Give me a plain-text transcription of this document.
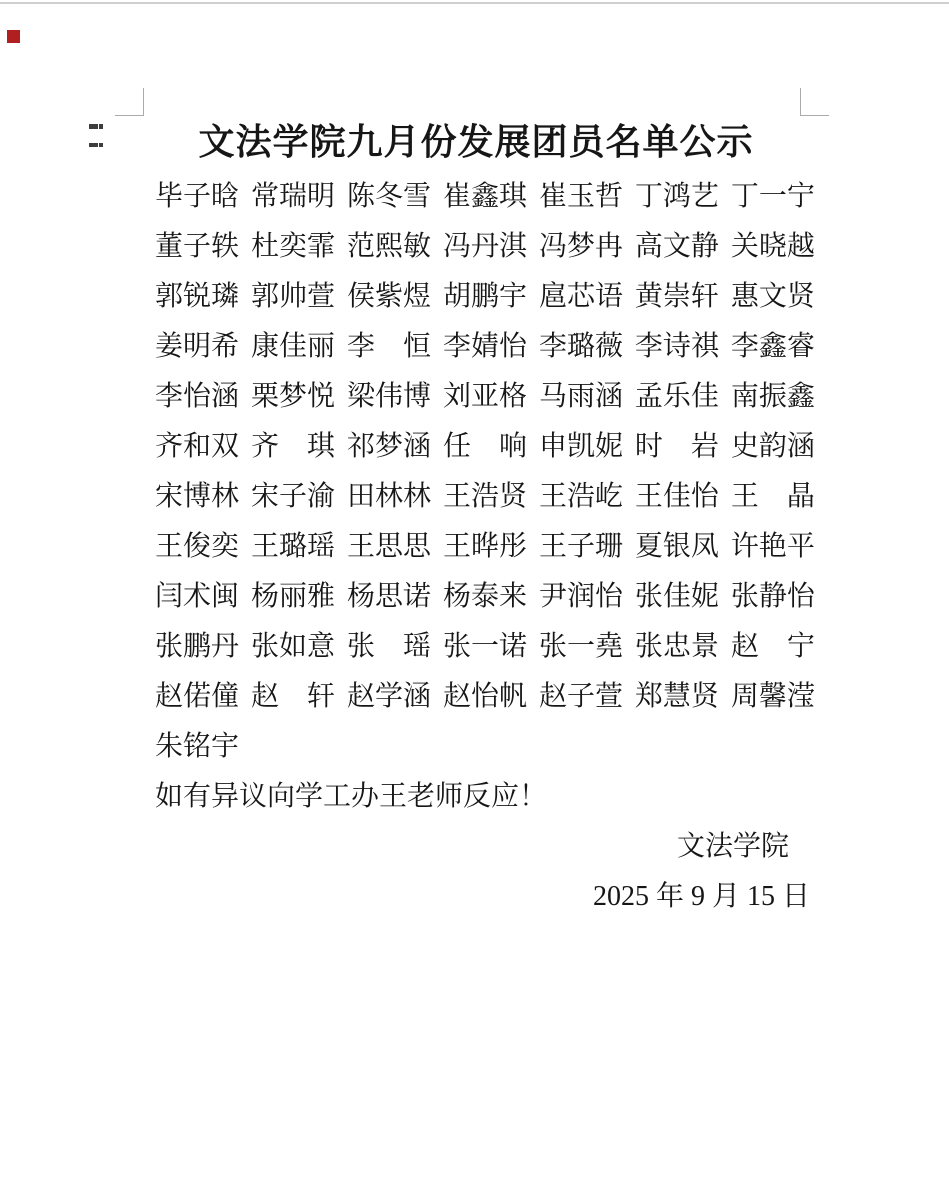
文法学院九月份发展团员名单公示
毕子晗 常瑞明 陈冬雪 崔鑫琪 崔玉哲 丁鸿艺 丁一宁
董子轶 杜奕霏 范熙敏 冯丹淇 冯梦冉 高文静 关晓越
郭锐璘 郭帅萱 侯紫煜 胡鹏宇 扈芯语 黄崇轩 惠文贤
姜明希 康佳丽 李　恒 李婧怡 李璐薇 李诗祺 李鑫睿
李怡涵 栗梦悦 梁伟博 刘亚格 马雨涵 孟乐佳 南振鑫
齐和双 齐　琪 祁梦涵 任　响 申凯妮 时　岩 史韵涵
宋博林 宋子渝 田林林 王浩贤 王浩屹 王佳怡 王　晶
王俊奕 王璐瑶 王思思 王晔彤 王子珊 夏银凤 许艳平
闫术闽 杨丽雅 杨思诺 杨泰来 尹润怡 张佳妮 张静怡
张鹏丹 张如意 张　瑶 张一诺 张一堯 张忠景 赵　宁
赵偌僮 赵　轩 赵学涵 赵怡帆 赵子萱 郑慧贤 周馨滢
朱铭宇
如有异议向学工办王老师反应！
文法学院
2025 年 9 月 15 日
